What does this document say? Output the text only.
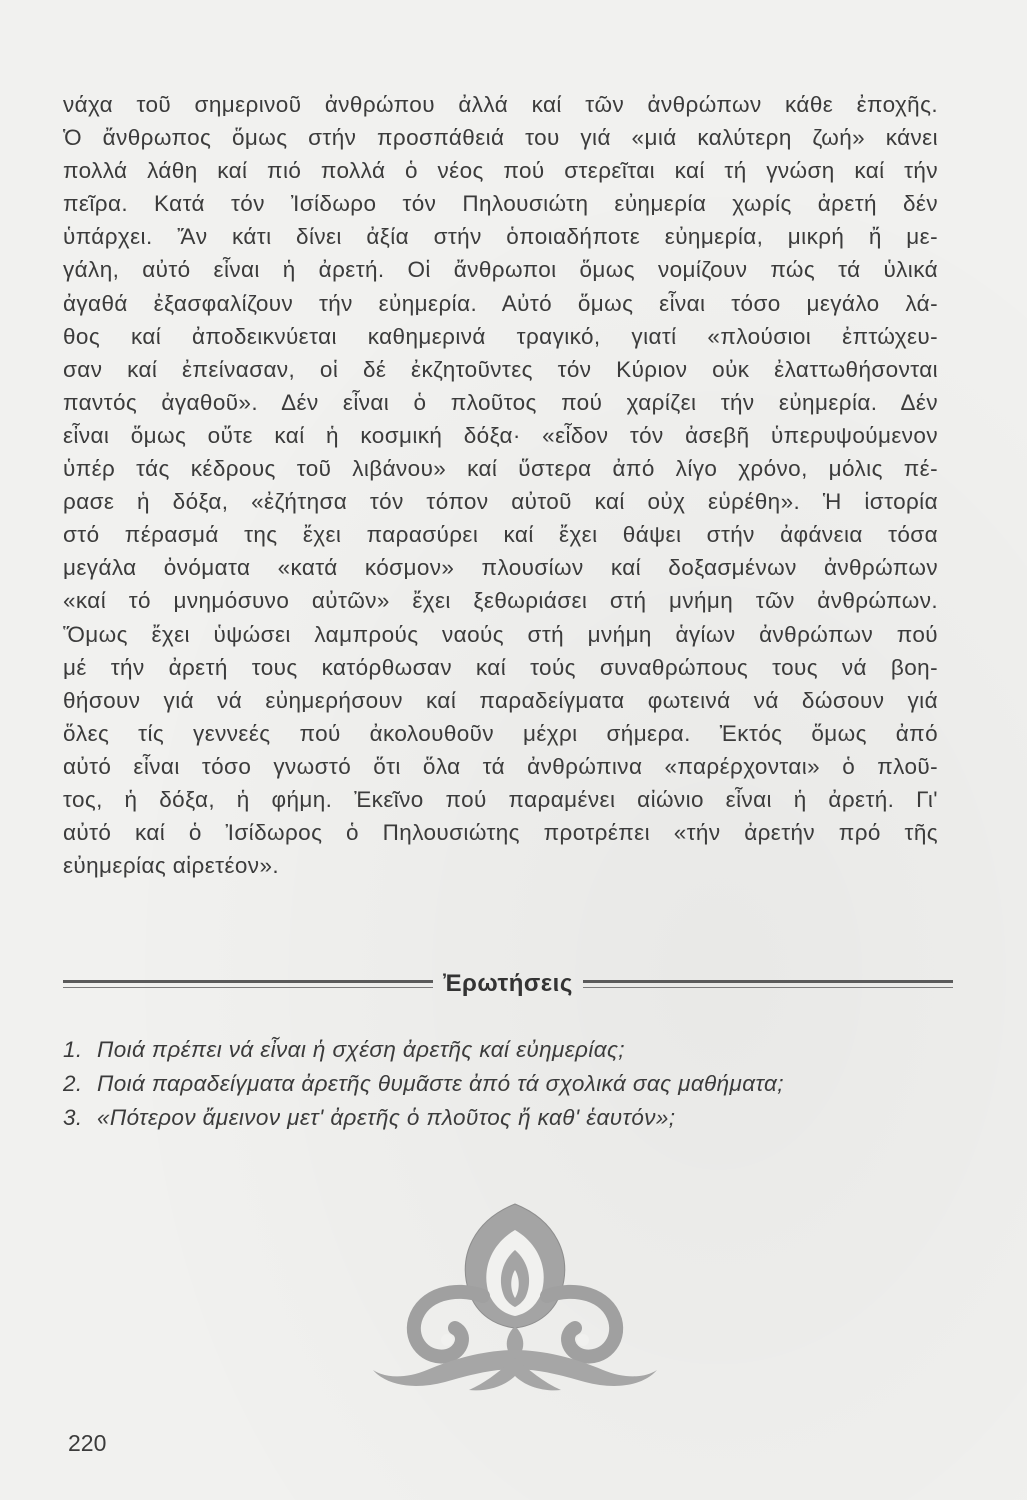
νάχα τοῦ σημερινοῦ ἀνθρώπου ἀλλά καί τῶν ἀνθρώπων κάθε ἐποχῆς.
Ὁ ἄνθρωπος ὅμως στήν προσπάθειά του γιά «μιά καλύτερη ζωή» κάνει
πολλά λάθη καί πιό πολλά ὁ νέος πού στερεῖται καί τή γνώση καί τήν
πεῖρα. Κατά τόν Ἰσίδωρο τόν Πηλουσιώτη εὐημερία χωρίς ἀρετή δέν
ὑπάρχει. Ἄν κάτι δίνει ἀξία στήν ὁποιαδήποτε εὐημερία, μικρή ἤ με-
γάλη, αὐτό εἶναι ἡ ἀρετή. Οἱ ἄνθρωποι ὅμως νομίζουν πώς τά ὑλικά
ἀγαθά ἐξασφαλίζουν τήν εὐημερία. Αὐτό ὅμως εἶναι τόσο μεγάλο λά-
θος καί ἀποδεικνύεται καθημερινά τραγικό, γιατί «πλούσιοι ἐπτώχευ-
σαν καί ἐπείνασαν, οἱ δέ ἐκζητοῦντες τόν Κύριον οὐκ ἐλαττωθήσονται
παντός ἀγαθοῦ». Δέν εἶναι ὁ πλοῦτος πού χαρίζει τήν εὐημερία. Δέν
εἶναι ὅμως οὔτε καί ἡ κοσμική δόξα· «εἶδον τόν ἀσεβῆ ὑπερυψούμενον
ὑπέρ τάς κέδρους τοῦ λιβάνου» καί ὕστερα ἀπό λίγο χρόνο, μόλις πέ-
ρασε ἡ δόξα, «ἐζήτησα τόν τόπον αὐτοῦ καί οὐχ εὑρέθη». Ἡ ἱστορία
στό πέρασμά της ἔχει παρασύρει καί ἔχει θάψει στήν ἀφάνεια τόσα
μεγάλα ὀνόματα «κατά κόσμον» πλουσίων καί δοξασμένων ἀνθρώπων
«καί τό μνημόσυνο αὐτῶν» ἔχει ξεθωριάσει στή μνήμη τῶν ἀνθρώπων.
Ὅμως ἔχει ὑψώσει λαμπρούς ναούς στή μνήμη ἁγίων ἀνθρώπων πού
μέ τήν ἀρετή τους κατόρθωσαν καί τούς συναθρώπους τους νά βοη-
θήσουν γιά νά εὐημερήσουν καί παραδείγματα φωτεινά νά δώσουν γιά
ὅλες τίς γεννεές πού ἀκολουθοῦν μέχρι σήμερα. Ἐκτός ὅμως ἀπό
αὐτό εἶναι τόσο γνωστό ὅτι ὅλα τά ἀνθρώπινα «παρέρχονται» ὁ πλοῦ-
τος, ἡ δόξα, ἡ φήμη. Ἐκεῖνο πού παραμένει αἰώνιο εἶναι ἡ ἀρετή. Γι'
αὐτό καί ὁ Ἰσίδωρος ὁ Πηλουσιώτης προτρέπει «τήν ἀρετήν πρό τῆς
εὐημερίας αἱρετέον».
Ἐρωτήσεις
1. Ποιά πρέπει νά εἶναι ἡ σχέση ἀρετῆς καί εὐημερίας;
2. Ποιά παραδείγματα ἀρετῆς θυμᾶστε ἀπό τά σχολικά σας μαθήματα;
3. «Πότερον ἄμεινον μετ' ἀρετῆς ὁ πλοῦτος ἤ καθ' ἑαυτόν»;
220
